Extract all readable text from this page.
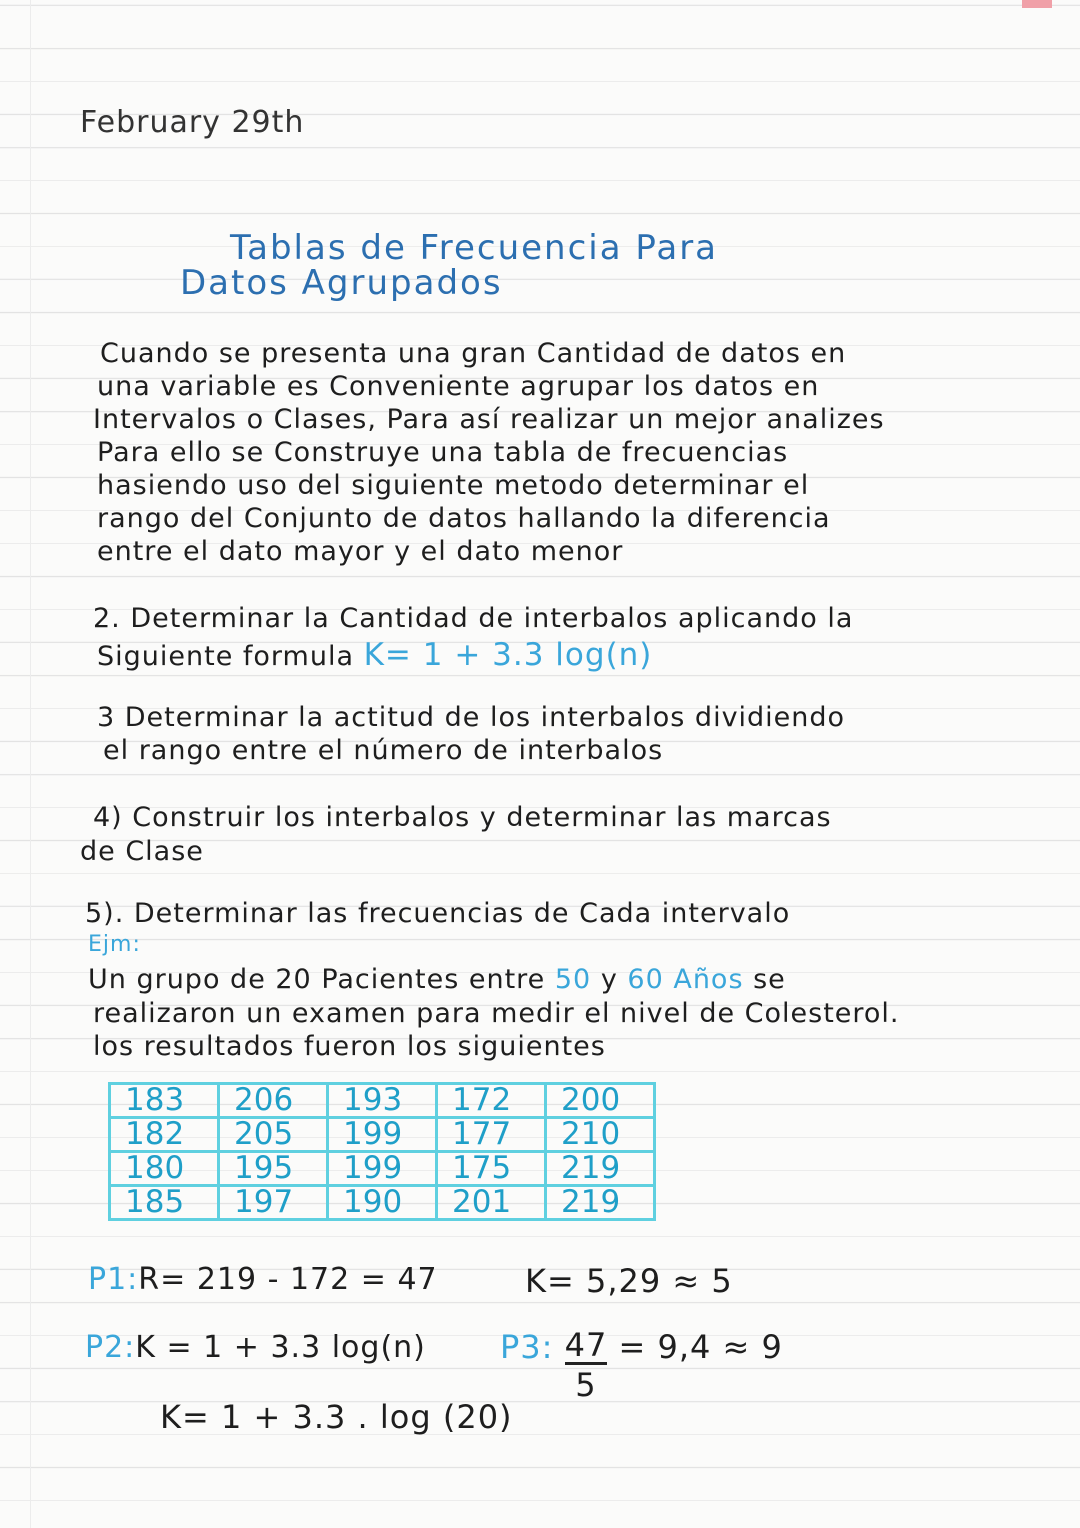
February 29th
Tablas de Frecuencia Para
Datos Agrupados
Cuando se presenta una gran Cantidad de datos en
una variable es Conveniente agrupar los datos en
Intervalos o Clases, Para así realizar un mejor analizes
Para ello se Construye una tabla de frecuencias
hasiendo uso del siguiente metodo determinar el
rango del Conjunto de datos hallando la diferencia
entre el dato mayor y el dato menor
2. Determinar la Cantidad de interbalos aplicando la
Siguiente formula K= 1 + 3.3 log(n)
3 Determinar la actitud de los interbalos dividiendo
el rango entre el número de interbalos
4) Construir los interbalos y determinar las marcas
de Clase
5). Determinar las frecuencias de Cada intervalo
Ejm:
Un grupo de 20 Pacientes entre 50 y 60 Años se
realizaron un examen para medir el nivel de Colesterol.
los resultados fueron los siguientes
183	206	193	172	200
182	205	199	177	210
180	195	199	175	219
185	197	190	201	219
P1:R= 219 - 172 = 47	K= 5,29 ≈ 5
P2:K = 1 + 3.3 log(n)
K= 1 + 3.3 . log (20)
P3: $\frac{47}{5} = 9,4 \approx 9$
